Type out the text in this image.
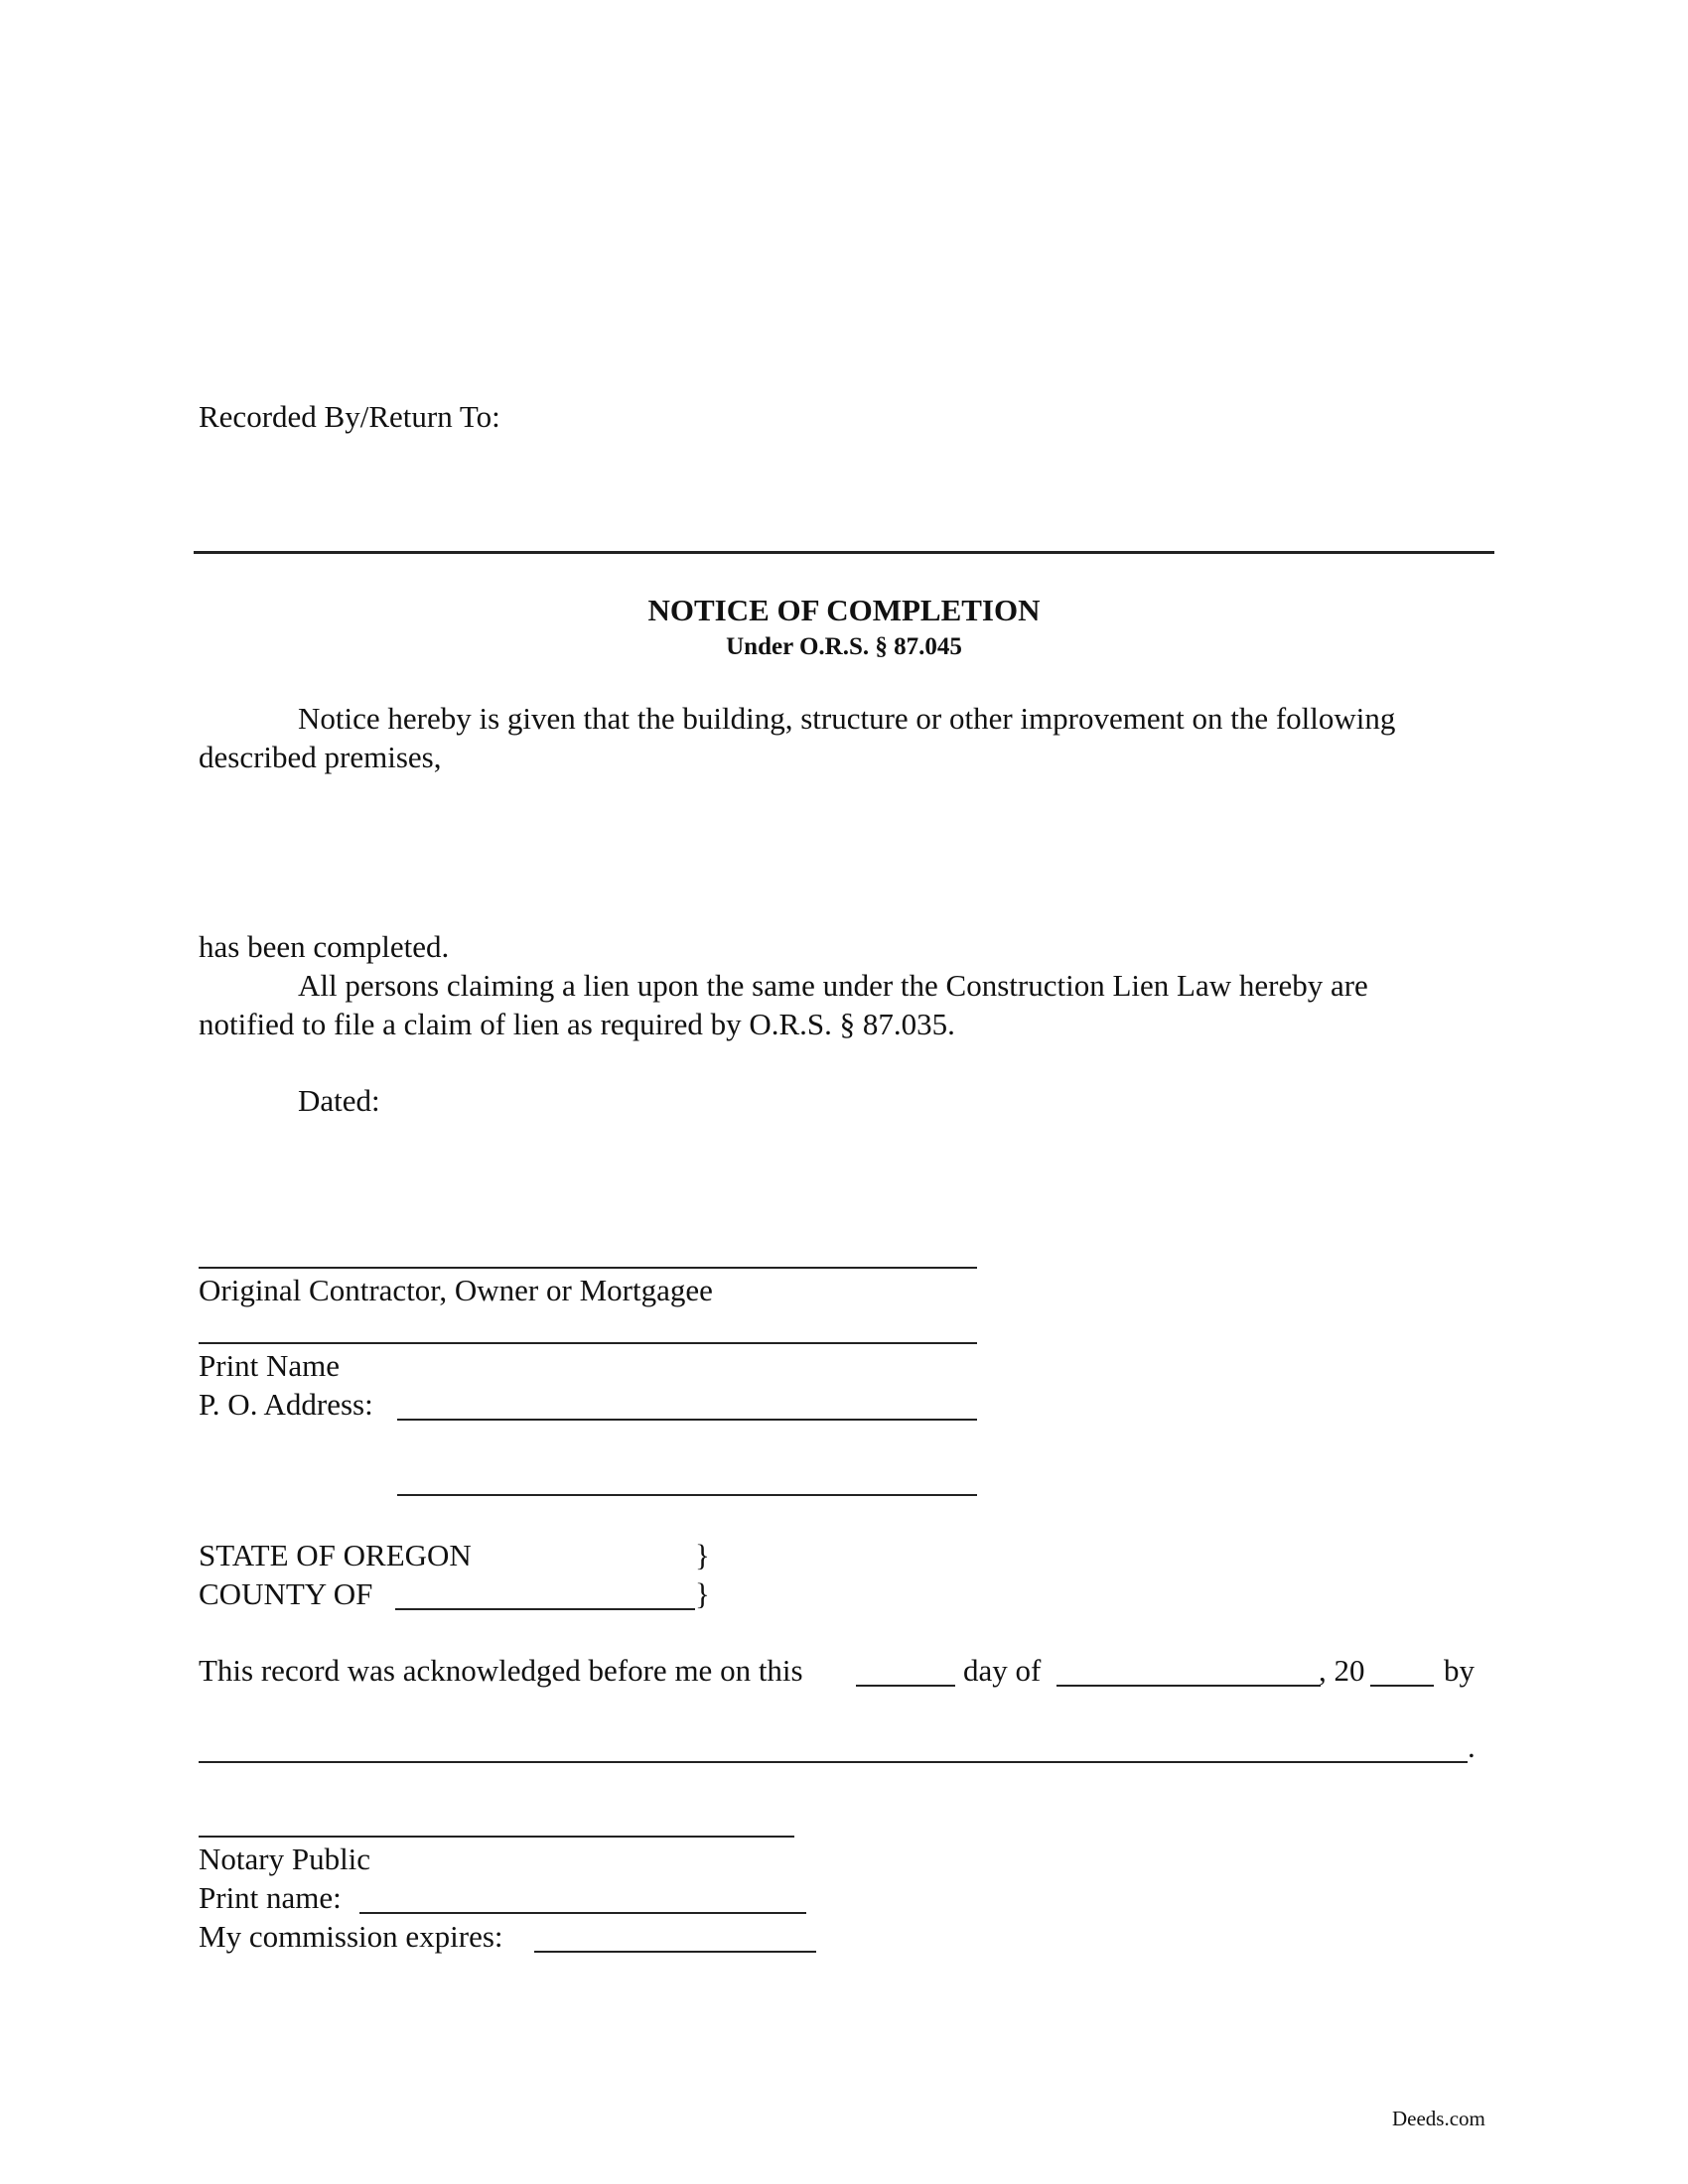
Recorded By/Return To:
NOTICE OF COMPLETION
Under O.R.S. § 87.045
Notice hereby is given that the building, structure or other improvement on the following
described premises,
has been completed.
All persons claiming a lien upon the same under the Construction Lien Law hereby are
notified to file a claim of lien as required by O.R.S. § 87.035.
Dated:
Original Contractor, Owner or Mortgagee
Print Name
P. O. Address:
STATE OF OREGON	}
COUNTY OF	}
This record was acknowledged before me on this	day of	, 20	by
.
Notary Public
Print name:
My commission expires:
Deeds.com
